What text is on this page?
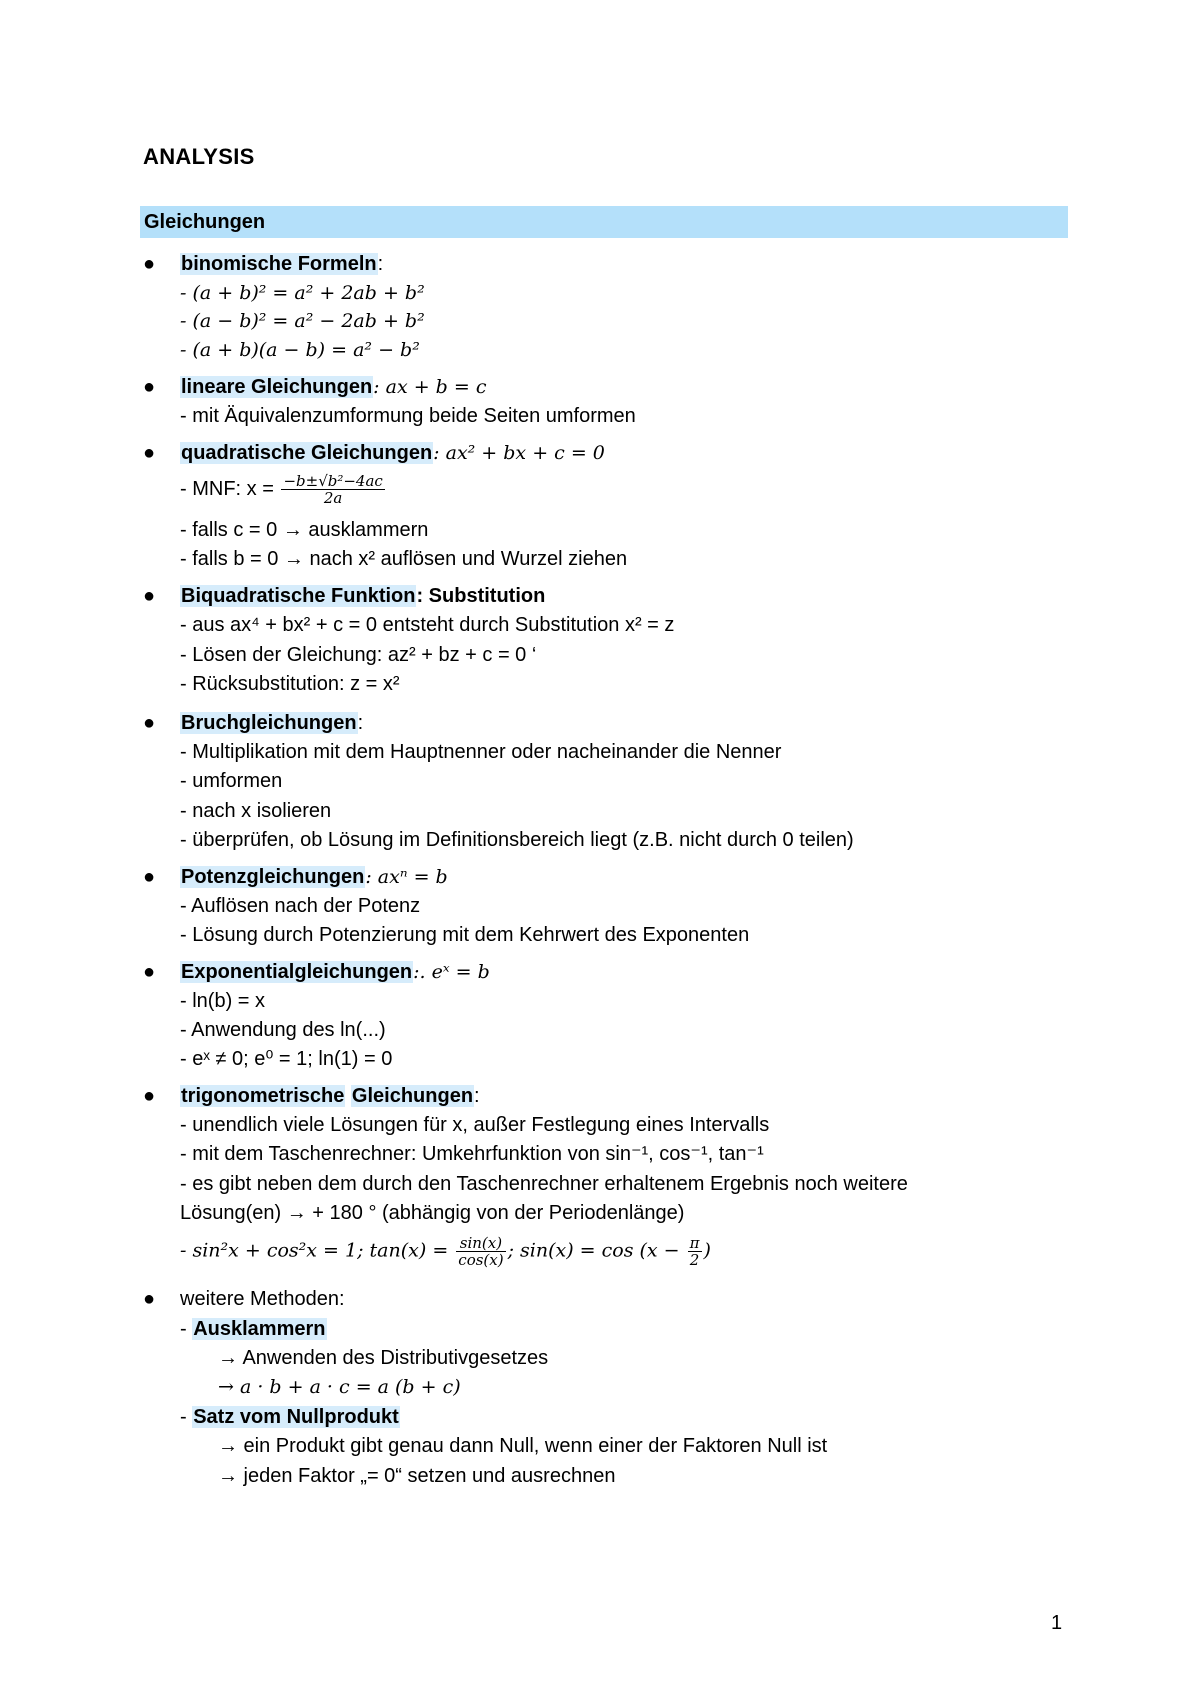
ANALYSIS
Gleichungen
● binomische Formeln:
- (a + b)² = a² + 2ab + b²
- (a − b)² = a² − 2ab + b²
- (a + b)(a − b) = a² − b²
● lineare Gleichungen: ax + b = c
- mit Äquivalenzumformung beide Seiten umformen
● quadratische Gleichungen: ax² + bx + c = 0
- MNF: $x = \frac{\text{−b±√b²−4ac}}{2a}$
- falls c = 0 → ausklammern
- falls b = 0 → nach x² auflösen und Wurzel ziehen
● Biquadratische Funktion: Substitution
- aus ax⁴ + bx² + c = 0 entsteht durch Substitution x² = z
- Lösen der Gleichung: az² + bz + c = 0 ‘
- Rücksubstitution: z = x²
● Bruchgleichungen:
- Multiplikation mit dem Hauptnenner oder nacheinander die Nenner
- umformen
- nach x isolieren
- überprüfen, ob Lösung im Definitionsbereich liegt (z.B. nicht durch 0 teilen)
● Potenzgleichungen: axⁿ = b
- Auflösen nach der Potenz
- Lösung durch Potenzierung mit dem Kehrwert des Exponenten
● Exponentialgleichungen:. eˣ = b
- ln(b) = x
- Anwendung des ln(...)
- eˣ ≠ 0; e⁰ = 1; ln(1) = 0
● trigonometrische Gleichungen:
- unendlich viele Lösungen für x, außer Festlegung eines Intervalls
- mit dem Taschenrechner: Umkehrfunktion von sin⁻¹, cos⁻¹, tan⁻¹
- es gibt neben dem durch den Taschenrechner erhaltenem Ergebnis noch weitere
Lösung(en) → + 180 ° (abhängig von der Periodenlänge)
- sin²x + cos²x = 1; $\tan(x) = \frac{\sin(x)}{\cos(x)}$ ; $\sin(x) = \cos (x - \frac{\pi}{2}$ )
● weitere Methoden:
- Ausklammern
→ Anwenden des Distributivgesetzes
→ a · b + a · c = a (b + c)
- Satz vom Nullprodukt
→ ein Produkt gibt genau dann Null, wenn einer der Faktoren Null ist
→ jeden Faktor „= 0“ setzen und ausrechnen
1
